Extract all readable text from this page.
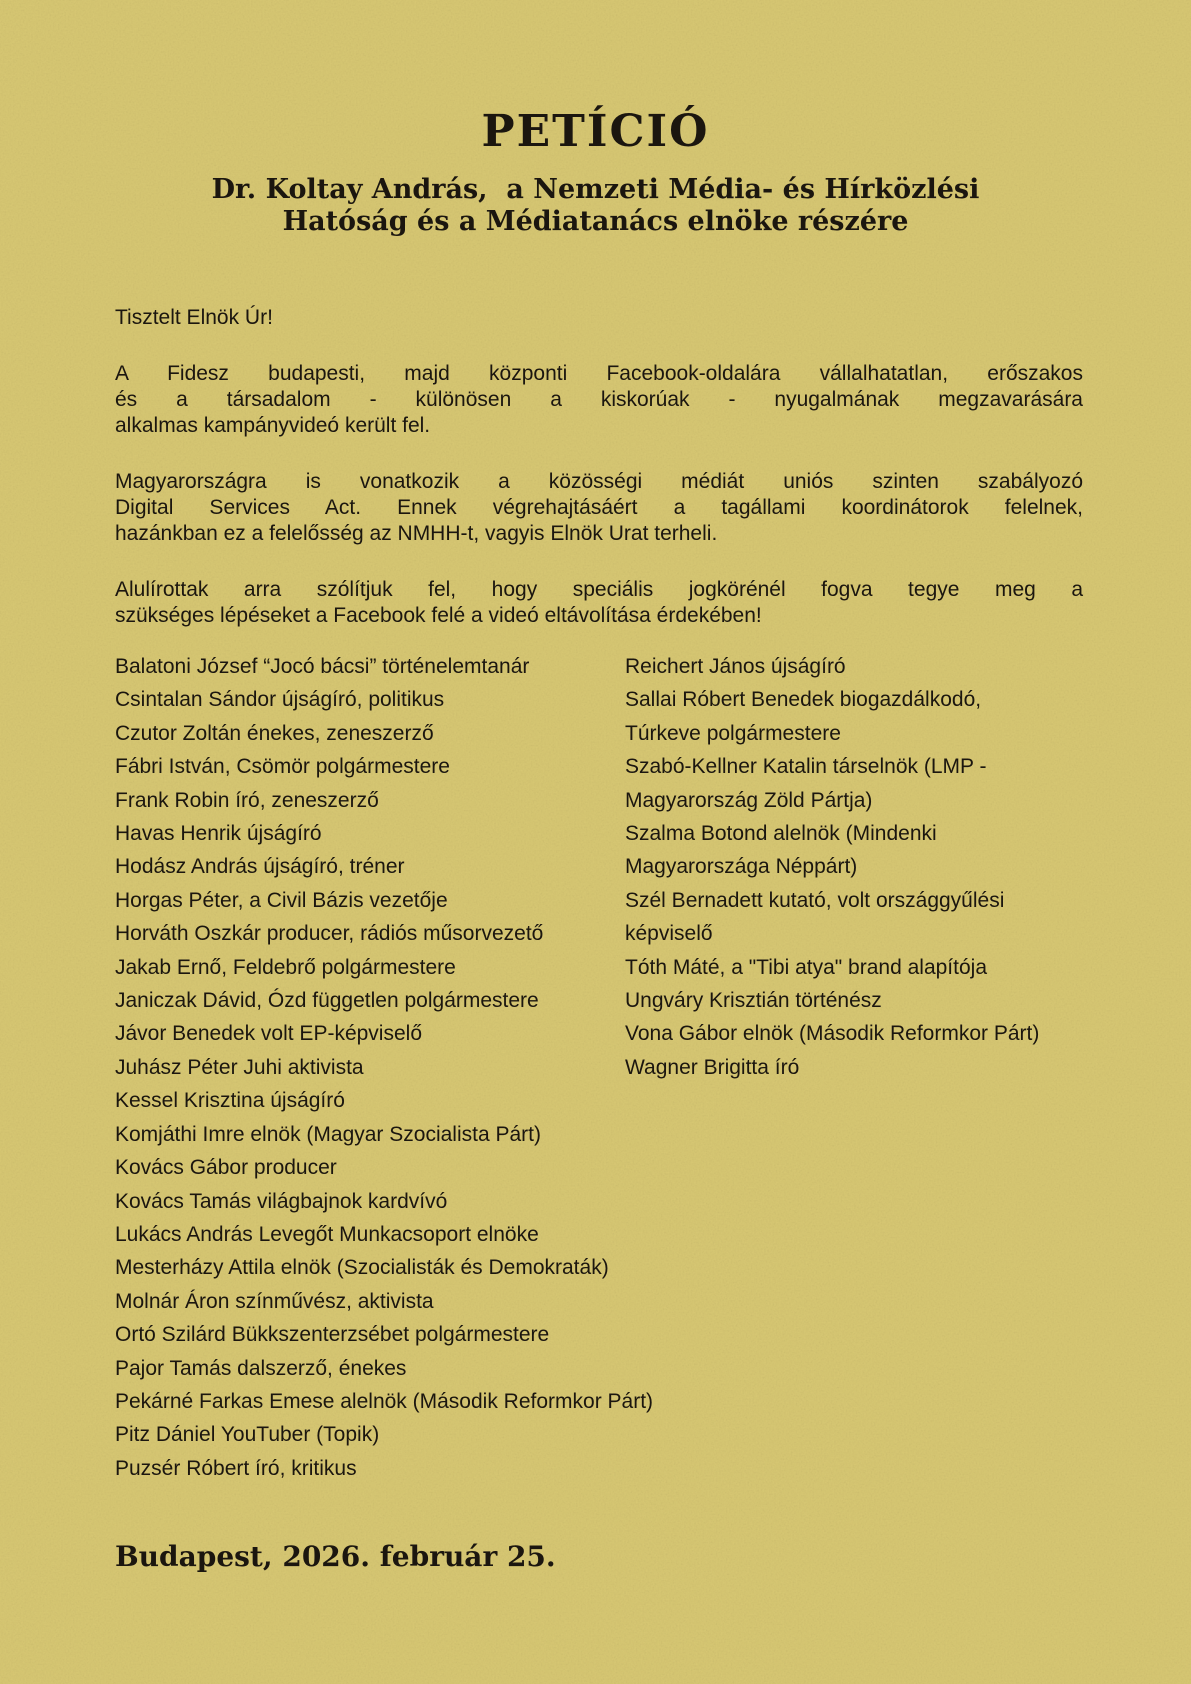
PETÍCIÓ
Dr. Koltay András,  a Nemzeti Média- és Hírközlési
Hatóság és a Médiatanács elnöke részére
Tisztelt Elnök Úr!
A Fidesz budapesti, majd központi Facebook-oldalára vállalhatatlan, erőszakos
és a társadalom - különösen a kiskorúak - nyugalmának megzavarására
alkalmas kampányvideó került fel.
Magyarországra is vonatkozik a közösségi médiát uniós szinten szabályozó
Digital Services Act. Ennek végrehajtásáért a tagállami koordinátorok felelnek,
hazánkban ez a felelősség az NMHH-t, vagyis Elnök Urat terheli.
Alulírottak arra szólítjuk fel, hogy speciális jogkörénél fogva tegye meg a
szükséges lépéseket a Facebook felé a videó eltávolítása érdekében!
Balatoni József “Jocó bácsi” történelemtanár
Csintalan Sándor újságíró, politikus
Czutor Zoltán énekes, zeneszerző
Fábri István, Csömör polgármestere
Frank Robin író, zeneszerző
Havas Henrik újságíró
Hodász András újságíró, tréner
Horgas Péter, a Civil Bázis vezetője
Horváth Oszkár producer, rádiós műsorvezető
Jakab Ernő, Feldebrő polgármestere
Janiczak Dávid, Ózd független polgármestere
Jávor Benedek volt EP-képviselő
Juhász Péter Juhi aktivista
Kessel Krisztina újságíró
Komjáthi Imre elnök (Magyar Szocialista Párt)
Kovács Gábor producer
Kovács Tamás világbajnok kardvívó
Lukács András Levegőt Munkacsoport elnöke
Mesterházy Attila elnök (Szocialisták és Demokraták)
Molnár Áron színművész, aktivista
Ortó Szilárd Bükkszenterzsébet polgármestere
Pajor Tamás dalszerző, énekes
Pekárné Farkas Emese alelnök (Második Reformkor Párt)
Pitz Dániel YouTuber (Topik)
Puzsér Róbert író, kritikus
Reichert János újságíró
Sallai Róbert Benedek biogazdálkodó,
Túrkeve polgármestere
Szabó-Kellner Katalin társelnök (LMP -
Magyarország Zöld Pártja)
Szalma Botond alelnök (Mindenki
Magyarországa Néppárt)
Szél Bernadett kutató, volt országgyűlési
képviselő
Tóth Máté, a "Tibi atya" brand alapítója
Ungváry Krisztián történész
Vona Gábor elnök (Második Reformkor Párt)
Wagner Brigitta író
Budapest, 2026. február 25.
